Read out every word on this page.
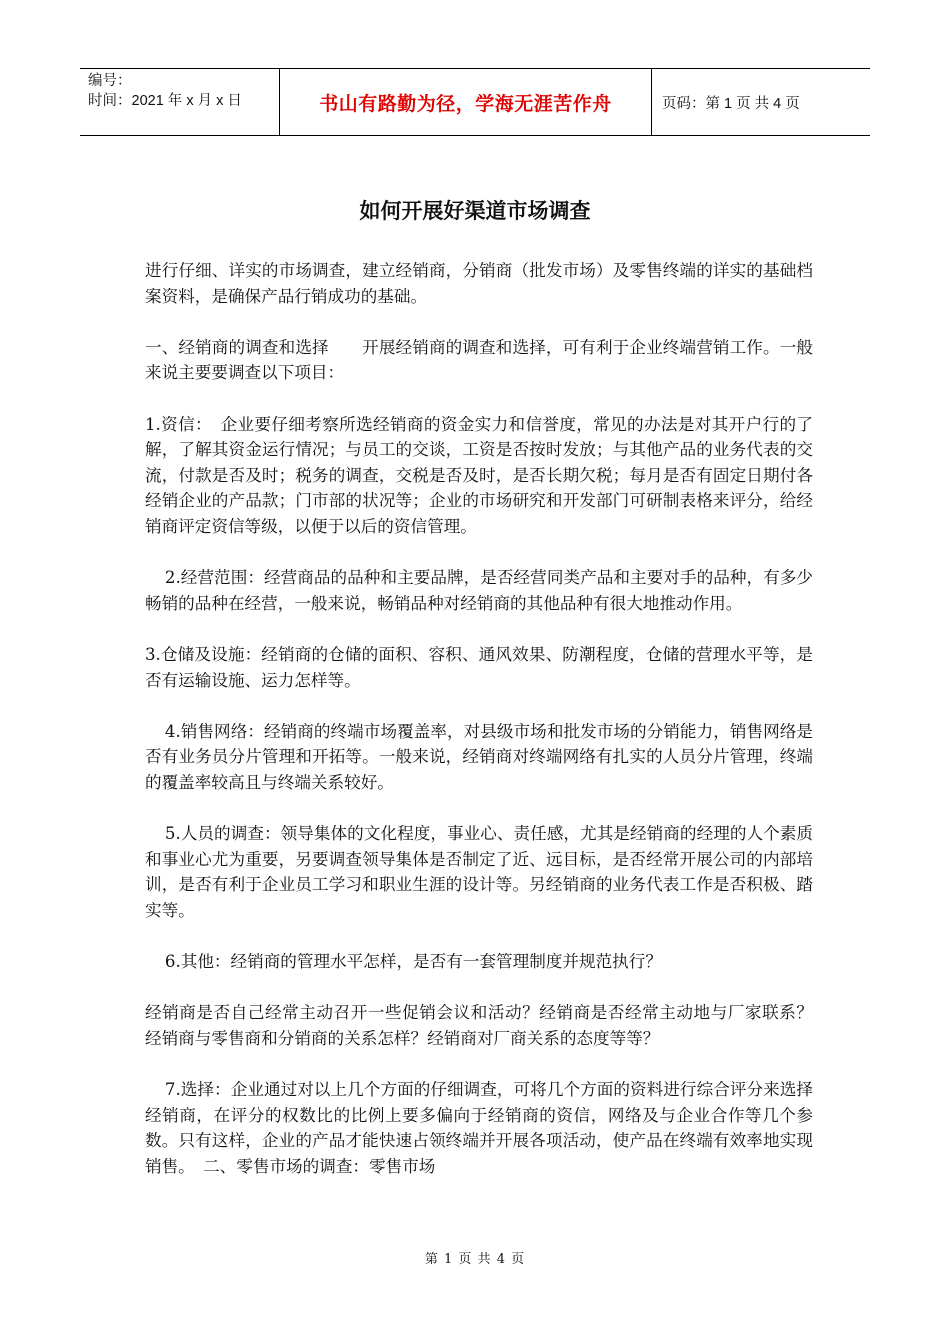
编号：
时间：2021 年 x 月 x 日	书山有路勤为径，学海无涯苦作舟	页码：第 1 页 共 4 页
如何开展好渠道市场调查

进行仔细、详实的市场调查，建立经销商，分销商（批发市场）及零售终端的详实的基础档案资料，是确保产品行销成功的基础。

一、经销商的调查和选择　　开展经销商的调查和选择，可有利于企业终端营销工作。一般来说主要要调查以下项目：

1.资信：　企业要仔细考察所选经销商的资金实力和信誉度，常见的办法是对其开户行的了解，了解其资金运行情况；与员工的交谈，工资是否按时发放；与其他产品的业务代表的交流，付款是否及时；税务的调查，交税是否及时，是否长期欠税；每月是否有固定日期付各经销企业的产品款；门市部的状况等；企业的市场研究和开发部门可研制表格来评分，给经销商评定资信等级，以便于以后的资信管理。

2.经营范围：经营商品的品种和主要品牌，是否经营同类产品和主要对手的品种，有多少畅销的品种在经营，一般来说，畅销品种对经销商的其他品种有很大地推动作用。

3.仓储及设施：经销商的仓储的面积、容积、通风效果、防潮程度，仓储的营理水平等，是否有运输设施、运力怎样等。

4.销售网络：经销商的终端市场覆盖率，对县级市场和批发市场的分销能力，销售网络是否有业务员分片管理和开拓等。一般来说，经销商对终端网络有扎实的人员分片管理，终端的覆盖率较高且与终端关系较好。

5.人员的调查：领导集体的文化程度，事业心、责任感，尤其是经销商的经理的人个素质和事业心尤为重要，另要调查领导集体是否制定了近、远目标，是否经常开展公司的内部培训，是否有利于企业员工学习和职业生涯的设计等。另经销商的业务代表工作是否积极、踏实等。

6.其他：经销商的管理水平怎样，是否有一套管理制度并规范执行？

经销商是否自己经常主动召开一些促销会议和活动？经销商是否经常主动地与厂家联系？　经销商与零售商和分销商的关系怎样？经销商对厂商关系的态度等等？

7.选择：企业通过对以上几个方面的仔细调查，可将几个方面的资料进行综合评分来选择经销商，在评分的权数比的比例上要多偏向于经销商的资信，网络及与企业合作等几个参数。只有这样，企业的产品才能快速占领终端并开展各项活动，使产品在终端有效率地实现销售。　二、零售市场的调查：零售市场

第 1 页 共 4 页
